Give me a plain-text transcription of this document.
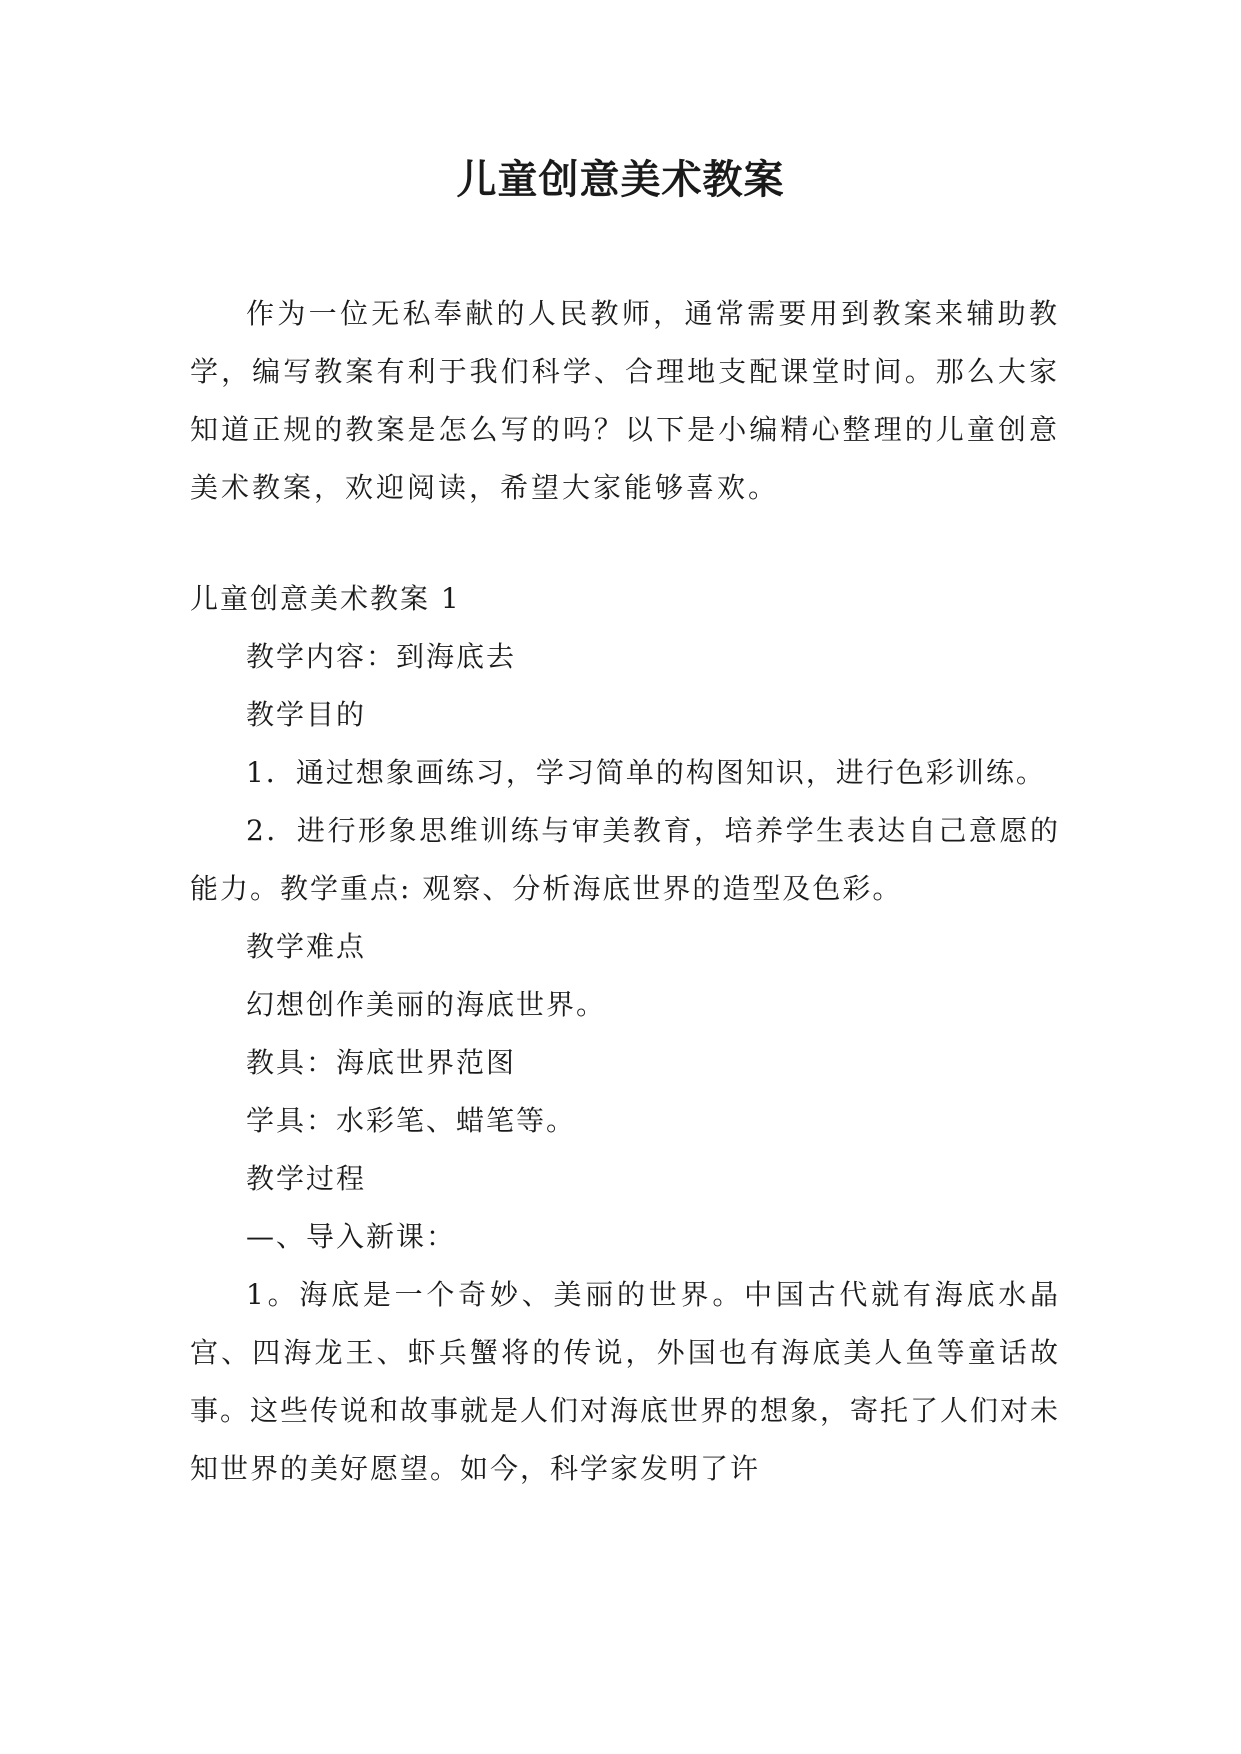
儿童创意美术教案

作为一位无私奉献的人民教师，通常需要用到教案来辅助教学，编写教案有利于我们科学、合理地支配课堂时间。那么大家知道正规的教案是怎么写的吗？以下是小编精心整理的儿童创意美术教案，欢迎阅读，希望大家能够喜欢。

儿童创意美术教案 1

教学内容：到海底去

教学目的

1．通过想象画练习，学习简单的构图知识，进行色彩训练。

2．进行形象思维训练与审美教育，培养学生表达自己意愿的能力。教学重点: 观察、分析海底世界的造型及色彩。

教学难点

幻想创作美丽的海底世界。

教具：海底世界范图

学具：水彩笔、蜡笔等。

教学过程

—、导入新课：

1。海底是一个奇妙、美丽的世界。中国古代就有海底水晶宫、四海龙王、虾兵蟹将的传说，外国也有海底美人鱼等童话故事。这些传说和故事就是人们对海底世界的想象，寄托了人们对未知世界的美好愿望。如今，科学家发明了许
